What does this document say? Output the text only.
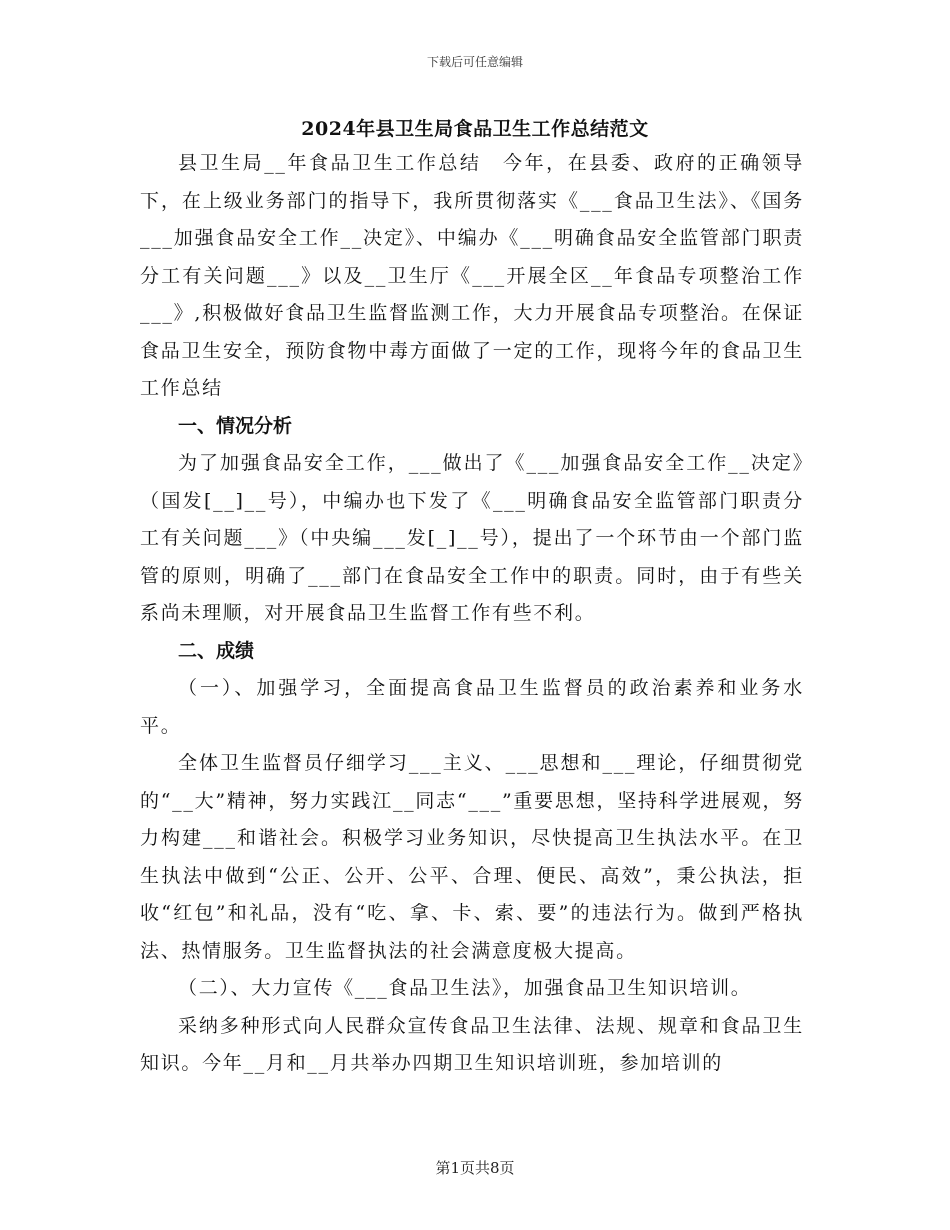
下载后可任意编辑
2024年县卫生局食品卫生工作总结范文

县卫生局__年食品卫生工作总结　今年，在县委、政府的正确领导下，在上级业务部门的指导下，我所贯彻落实《___食品卫生法》、《国务___加强食品安全工作__决定》、中编办《___明确食品安全监管部门职责分工有关问题___》以及__卫生厅《___开展全区__年食品专项整治工作___》,积极做好食品卫生监督监测工作，大力开展食品专项整治。在保证食品卫生安全，预防食物中毒方面做了一定的工作，现将今年的食品卫生工作总结

一、情况分析

为了加强食品安全工作，___做出了《___加强食品安全工作__决定》（国发[__]__号），中编办也下发了《___明确食品安全监管部门职责分工有关问题___》（中央编___发[_]__号），提出了一个环节由一个部门监管的原则，明确了___部门在食品安全工作中的职责。同时，由于有些关系尚未理顺，对开展食品卫生监督工作有些不利。

二、成绩

（一）、加强学习，全面提高食品卫生监督员的政治素养和业务水平。

全体卫生监督员仔细学习___主义、___思想和___理论，仔细贯彻党的“__大”精神，努力实践江__同志“___”重要思想，坚持科学进展观，努力构建___和谐社会。积极学习业务知识，尽快提高卫生执法水平。在卫生执法中做到“公正、公开、公平、合理、便民、高效”，秉公执法，拒收“红包”和礼品，没有“吃、拿、卡、索、要”的违法行为。做到严格执法、热情服务。卫生监督执法的社会满意度极大提高。

（二）、大力宣传《___食品卫生法》，加强食品卫生知识培训。

采纳多种形式向人民群众宣传食品卫生法律、法规、规章和食品卫生知识。今年__月和__月共举办四期卫生知识培训班，参加培训的

第1页共8页
